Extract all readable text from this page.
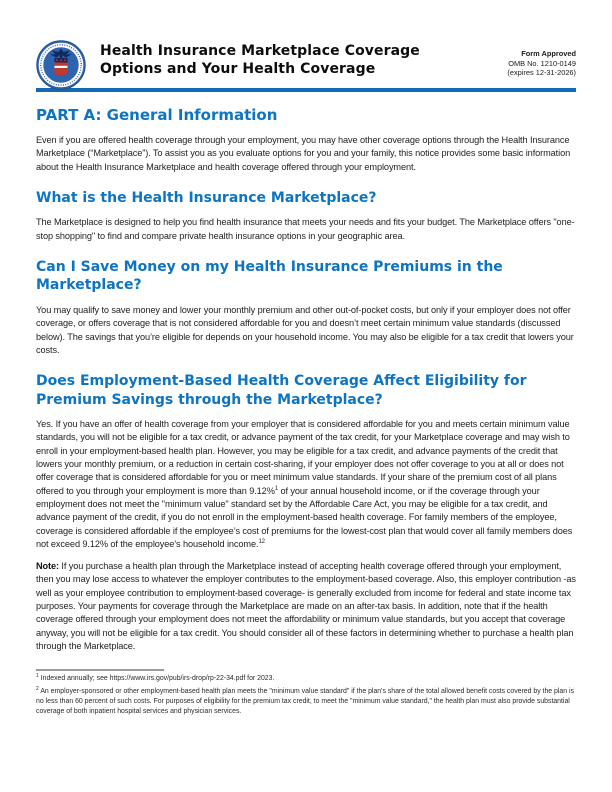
Health Insurance Marketplace Coverage Options and Your Health Coverage
Form Approved
OMB No. 1210-0149
(expires 12-31-2026)
PART A: General Information

Even if you are offered health coverage through your employment, you may have other coverage options through the Health Insurance Marketplace (“Marketplace”). To assist you as you evaluate options for you and your family, this notice provides some basic information about the Health Insurance Marketplace and health coverage offered through your employment.

What is the Health Insurance Marketplace?

The Marketplace is designed to help you find health insurance that meets your needs and fits your budget. The Marketplace offers "one-stop shopping" to find and compare private health insurance options in your geographic area.

Can I Save Money on my Health Insurance Premiums in the Marketplace?

You may qualify to save money and lower your monthly premium and other out-of-pocket costs, but only if your employer does not offer coverage, or offers coverage that is not considered affordable for you and doesn’t meet certain minimum value standards (discussed below). The savings that you’re eligible for depends on your household income. You may also be eligible for a tax credit that lowers your costs.

Does Employment-Based Health Coverage Affect Eligibility for Premium Savings through the Marketplace?

Yes. If you have an offer of health coverage from your employer that is considered affordable for you and meets certain minimum value standards, you will not be eligible for a tax credit, or advance payment of the tax credit, for your Marketplace coverage and may wish to enroll in your employment-based health plan. However, you may be eligible for a tax credit, and advance payments of the credit that lowers your monthly premium, or a reduction in certain cost-sharing, if your employer does not offer coverage to you at all or does not offer coverage that is considered affordable for you or meet minimum value standards. If your share of the premium cost of all plans offered to you through your employment is more than 9.12%$^1$ of your annual household income, or if the coverage through your employment does not meet the "minimum value" standard set by the Affordable Care Act, you may be eligible for a tax credit, and advance payment of the credit, if you do not enroll in the employment-based health coverage. For family members of the employee, coverage is considered affordable if the employee’s cost of premiums for the lowest-cost plan that would cover all family members does not exceed 9.12% of the employee’s household income.$^{12}$

Note: If you purchase a health plan through the Marketplace instead of accepting health coverage offered through your employment, then you may lose access to whatever the employer contributes to the employment-based coverage. Also, this employer contribution -as well as your employee contribution to employment-based coverage- is generally excluded from income for federal and state income tax purposes. Your payments for coverage through the Marketplace are made on an after-tax basis. In addition, note that if the health coverage offered through your employment does not meet the affordability or minimum value standards, but you accept that coverage anyway, you will not be eligible for a tax credit. You should consider all of these factors in determining whether to purchase a health plan through the Marketplace.

$^1$ Indexed annually; see https://www.irs.gov/pub/irs-drop/rp-22-34.pdf for 2023.
$^2$ An employer-sponsored or other employment-based health plan meets the "minimum value standard" if the plan's share of the total allowed benefit costs covered by the plan is no less than 60 percent of such costs. For purposes of eligibility for the premium tax credit, to meet the "minimum value standard," the health plan must also provide substantial coverage of both inpatient hospital services and physician services.
